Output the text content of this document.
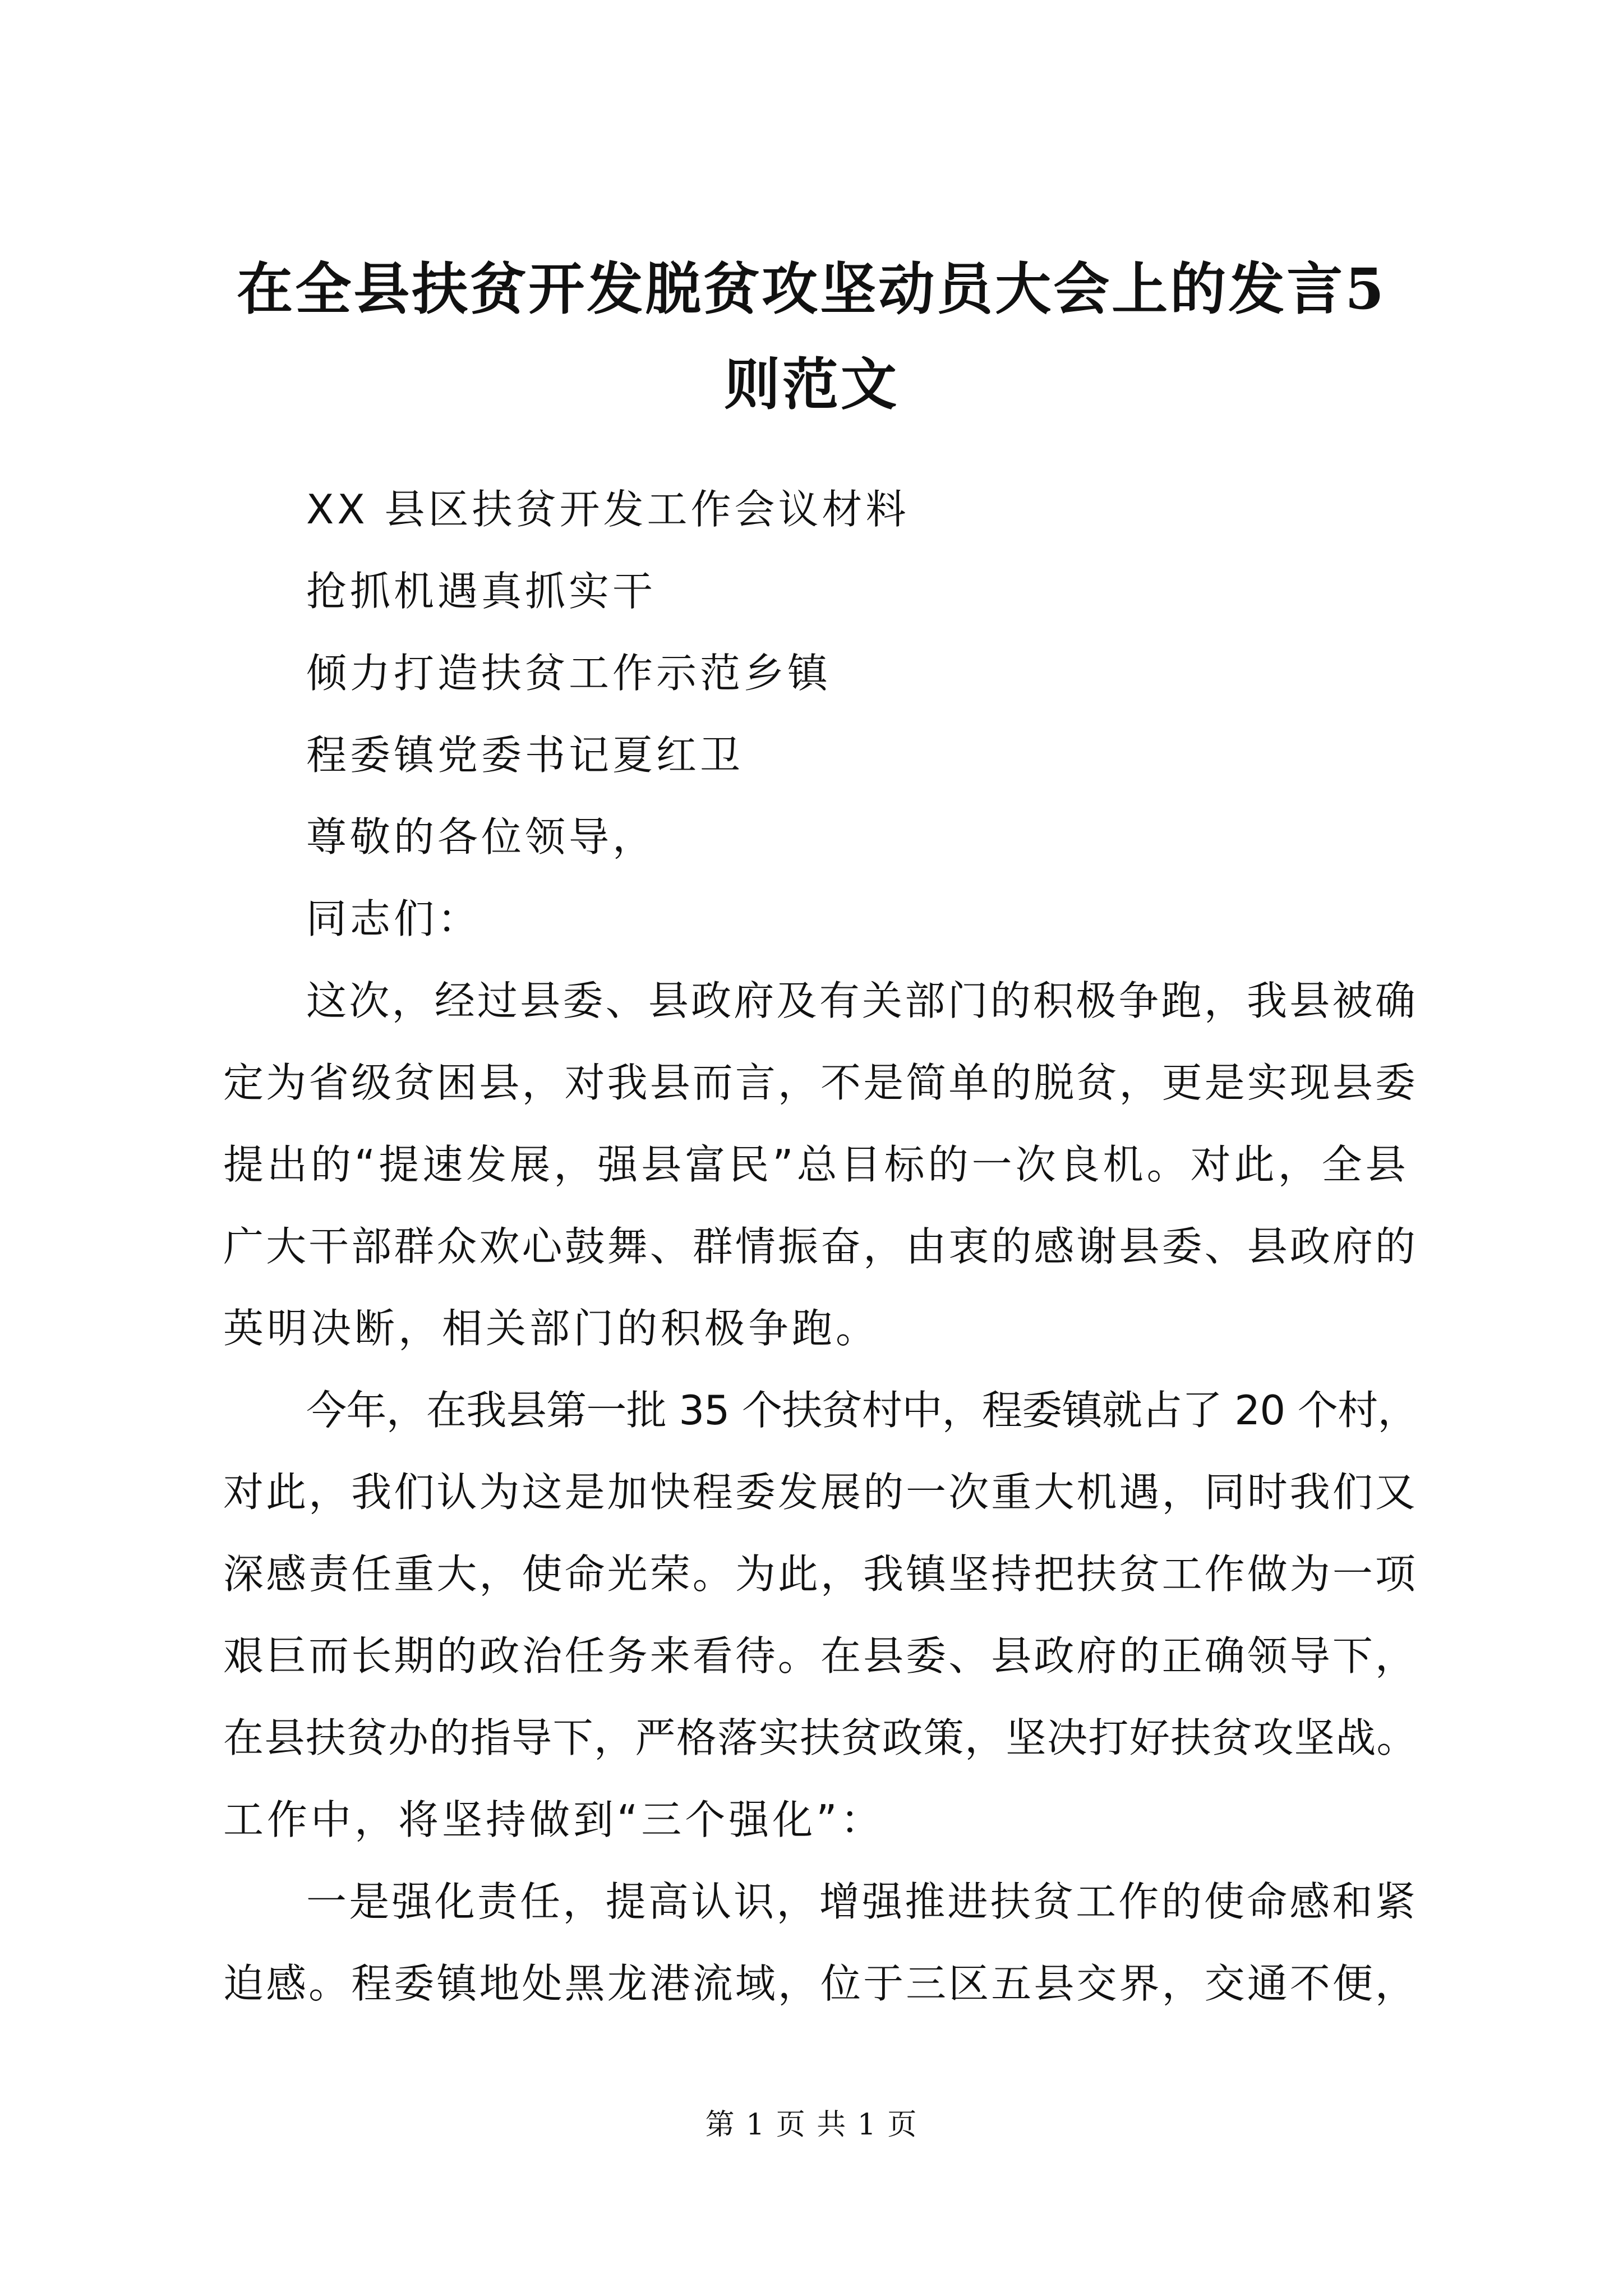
在全县扶贫开发脱贫攻坚动员大会上的发言5
则范文
XX 县区扶贫开发工作会议材料
抢抓机遇真抓实干
倾力打造扶贫工作示范乡镇
程委镇党委书记夏红卫
尊敬的各位领导，
同志们：
这次，经过县委、县政府及有关部门的积极争跑，我县被确
定为省级贫困县，对我县而言，不是简单的脱贫，更是实现县委
提出的“提速发展，强县富民”总目标的一次良机。对此，全县
广大干部群众欢心鼓舞、群情振奋，由衷的感谢县委、县政府的
英明决断，相关部门的积极争跑。
今年，在我县第一批 35 个扶贫村中，程委镇就占了 20 个村，
对此，我们认为这是加快程委发展的一次重大机遇，同时我们又
深感责任重大，使命光荣。为此，我镇坚持把扶贫工作做为一项
艰巨而长期的政治任务来看待。在县委、县政府的正确领导下，
在县扶贫办的指导下，严格落实扶贫政策，坚决打好扶贫攻坚战。
工作中，将坚持做到“三个强化”：
一是强化责任，提高认识，增强推进扶贫工作的使命感和紧
迫感。程委镇地处黑龙港流域，位于三区五县交界，交通不便，
第 1 页 共 1 页
